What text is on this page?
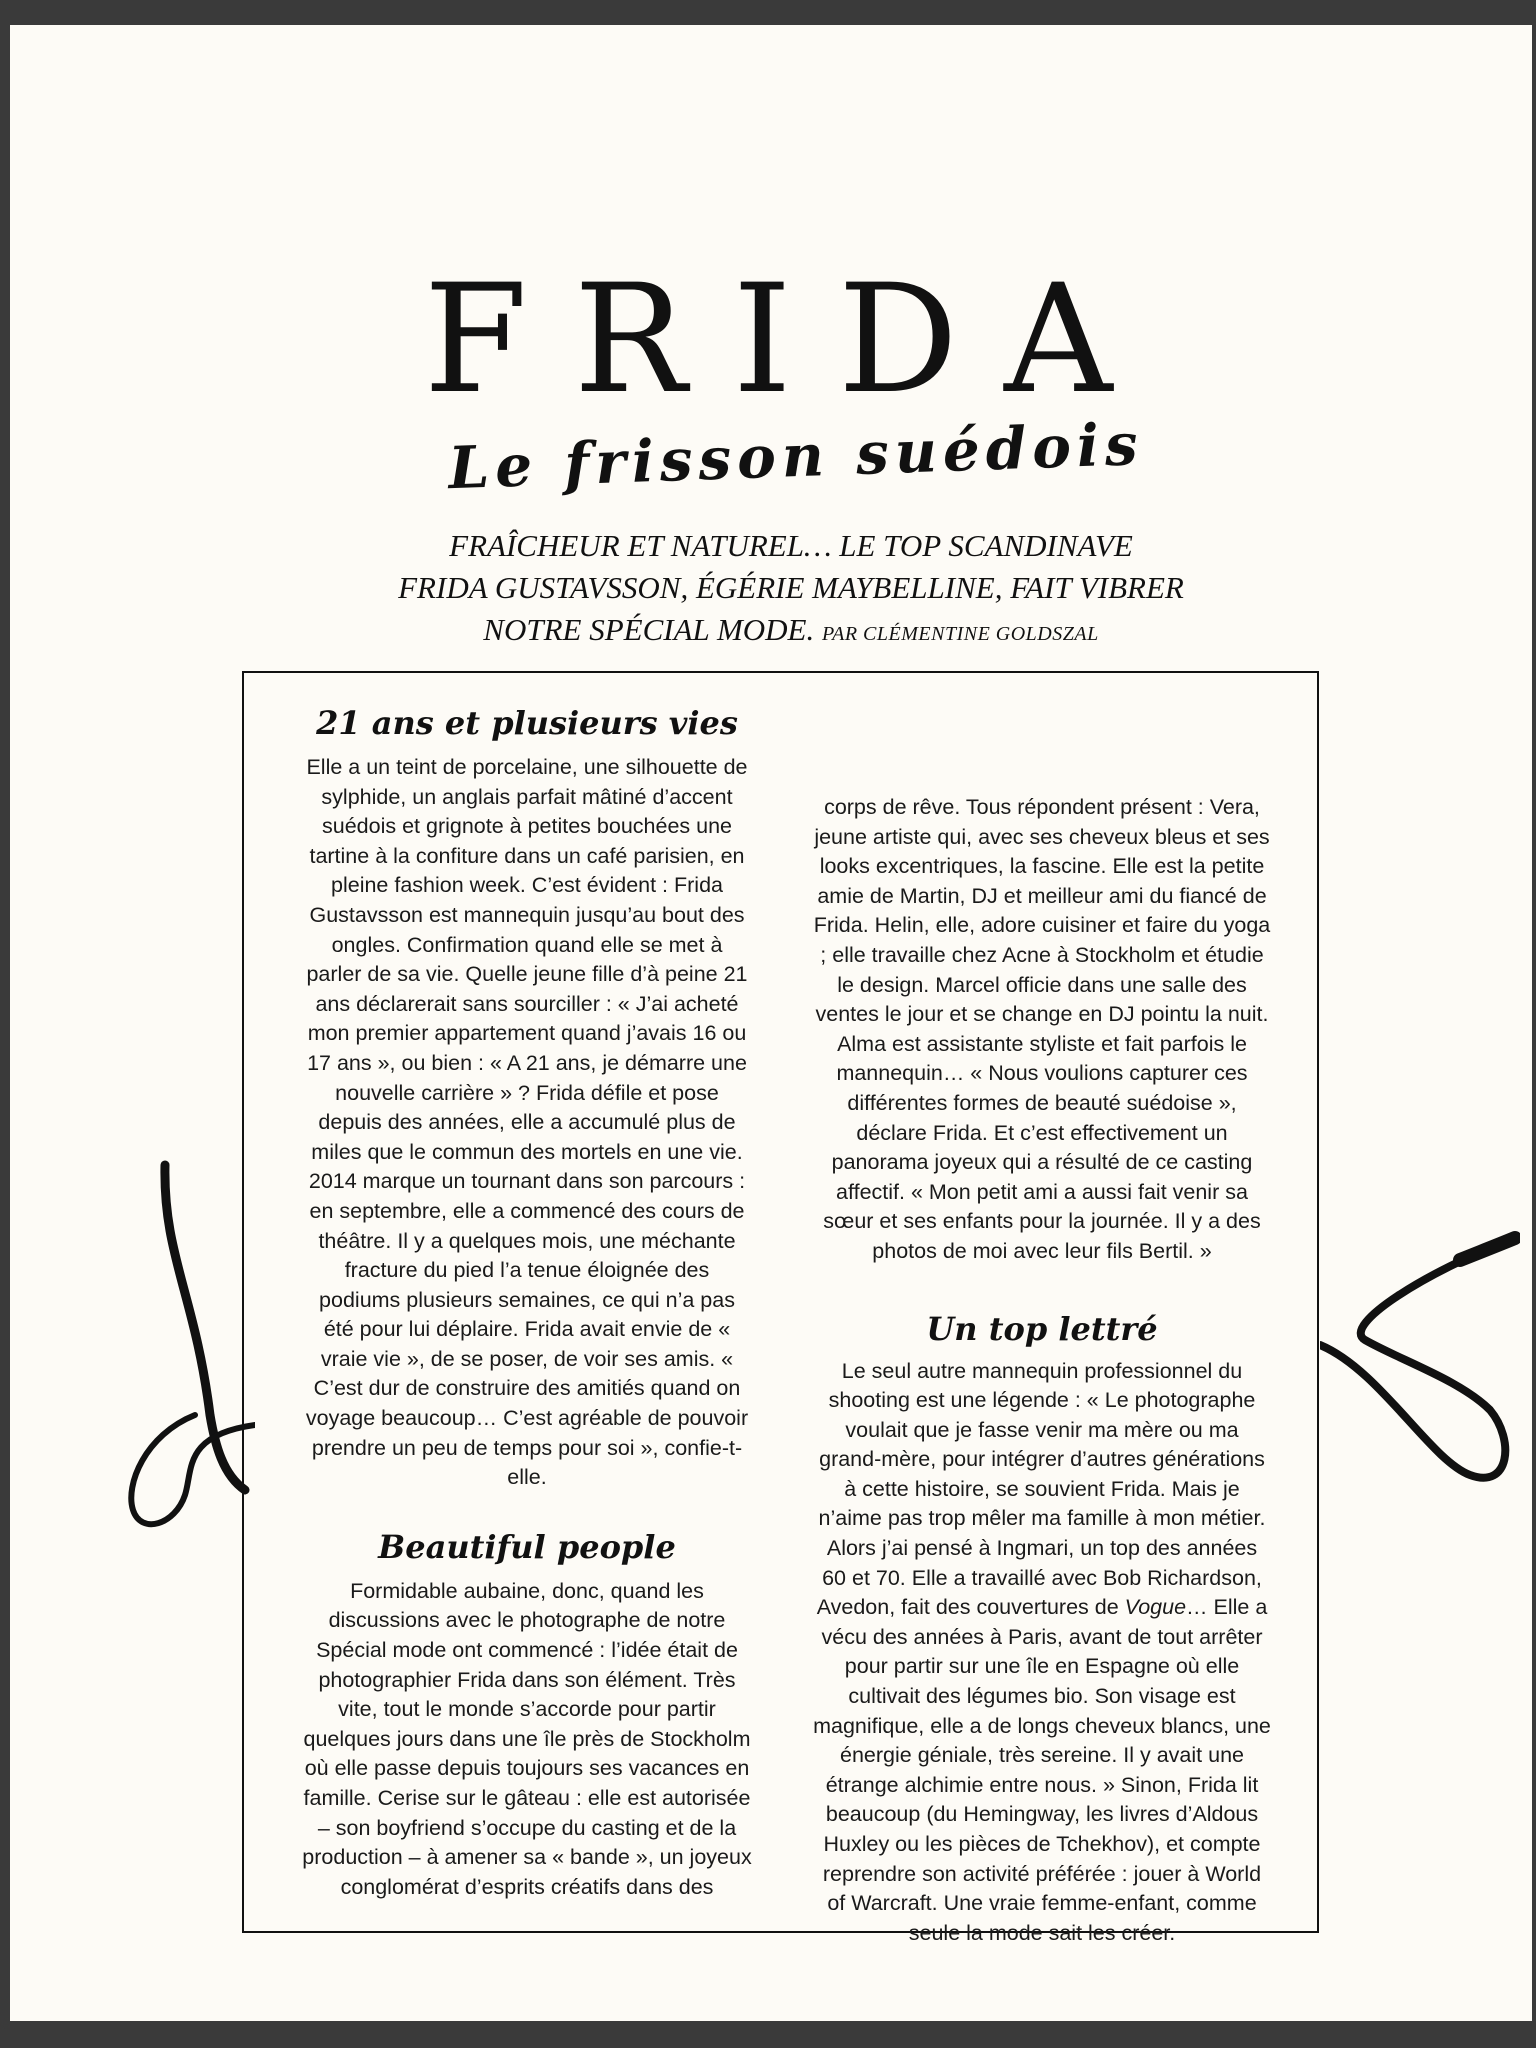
FRIDA
Le frisson suédois
FRAÎCHEUR ET NATUREL… LE TOP SCANDINAVE
FRIDA GUSTAVSSON, ÉGÉRIE MAYBELLINE, FAIT VIBRER
NOTRE SPÉCIAL MODE. PAR CLÉMENTINE GOLDSZAL
21 ans et plusieurs vies

Elle a un teint de porcelaine, une silhouette de sylphide, un anglais parfait mâtiné d’accent suédois et grignote à petites bouchées une tartine à la confiture dans un café parisien, en pleine fashion week. C’est évident : Frida Gustavsson est mannequin jusqu’au bout des ongles. Confirmation quand elle se met à parler de sa vie. Quelle jeune fille d’à peine 21 ans déclarerait sans sourciller : « J’ai acheté mon premier appartement quand j’avais 16 ou 17 ans », ou bien : « A 21 ans, je démarre une nouvelle carrière » ? Frida défile et pose depuis des années, elle a accumulé plus de miles que le commun des mortels en une vie. 2014 marque un tournant dans son parcours : en septembre, elle a commencé des cours de théâtre. Il y a quelques mois, une méchante fracture du pied l’a tenue éloignée des podiums plusieurs semaines, ce qui n’a pas été pour lui déplaire. Frida avait envie de « vraie vie », de se poser, de voir ses amis. « C’est dur de construire des amitiés quand on voyage beaucoup… C’est agréable de pouvoir prendre un peu de temps pour soi », confie-t-elle.

Beautiful people

Formidable aubaine, donc, quand les discussions avec le photographe de notre Spécial mode ont commencé : l’idée était de photographier Frida dans son élément. Très vite, tout le monde s’accorde pour partir quelques jours dans une île près de Stockholm où elle passe depuis toujours ses vacances en famille. Cerise sur le gâteau : elle est autorisée – son boyfriend s’occupe du casting et de la production – à amener sa « bande », un joyeux conglomérat d’esprits créatifs dans des

corps de rêve. Tous répondent présent : Vera, jeune artiste qui, avec ses cheveux bleus et ses looks excentriques, la fascine. Elle est la petite amie de Martin, DJ et meilleur ami du fiancé de Frida. Helin, elle, adore cuisiner et faire du yoga ; elle travaille chez Acne à Stockholm et étudie le design. Marcel officie dans une salle des ventes le jour et se change en DJ pointu la nuit. Alma est assistante styliste et fait parfois le mannequin… « Nous voulions capturer ces différentes formes de beauté suédoise », déclare Frida. Et c’est effectivement un panorama joyeux qui a résulté de ce casting affectif. « Mon petit ami a aussi fait venir sa sœur et ses enfants pour la journée. Il y a des photos de moi avec leur fils Bertil. »

Un top lettré

Le seul autre mannequin professionnel du shooting est une légende : « Le photographe voulait que je fasse venir ma mère ou ma grand-mère, pour intégrer d’autres générations à cette histoire, se souvient Frida. Mais je n’aime pas trop mêler ma famille à mon métier. Alors j’ai pensé à Ingmari, un top des années 60 et 70. Elle a travaillé avec Bob Richardson, Avedon, fait des couvertures de Vogue… Elle a vécu des années à Paris, avant de tout arrêter pour partir sur une île en Espagne où elle cultivait des légumes bio. Son visage est magnifique, elle a de longs cheveux blancs, une énergie géniale, très sereine. Il y avait une étrange alchimie entre nous. » Sinon, Frida lit beaucoup (du Hemingway, les livres d’Aldous Huxley ou les pièces de Tchekhov), et compte reprendre son activité préférée : jouer à World of Warcraft. Une vraie femme-enfant, comme seule la mode sait les créer.
